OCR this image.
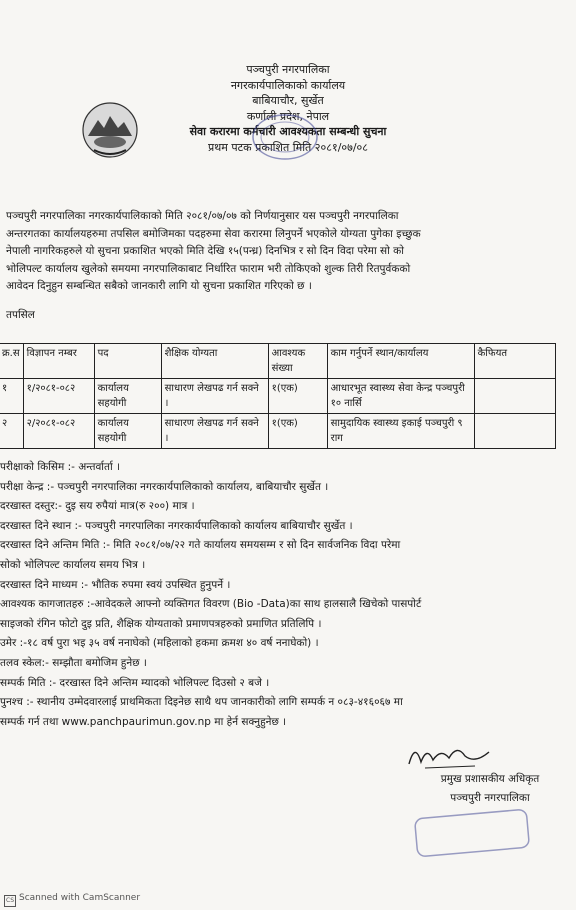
पञ्चपुरी नगरपालिका
नगरकार्यपालिकाको कार्यालय
बाबियाचौर, सुर्खेत
कर्णाली प्रदेश, नेपाल
सेवा करारमा कर्मचारी आवश्यकता सम्बन्धी सुचना
प्रथम पटक प्रकाशित मिति २०८१/०७/०८
पञ्चपुरी नगरपालिका नगरकार्यपालिकाको मिति २०८१/०७/०७ को निर्णयानुसार यस पञ्चपुरी नगरपालिका
अन्तरगतका कार्यालयहरुमा तपसिल बमोजिमका पदहरुमा सेवा करारमा लिनुपर्ने भएकोले योग्यता पुगेका इच्छुक
नेपाली नागरिकहरुले यो सुचना प्रकाशित भएको मिति देखि १५(पन्ध्र) दिनभित्र र सो दिन विदा परेमा सो को
भोलिपल्ट कार्यालय खुलेको समयमा नगरपालिकाबाट निर्धारित फाराम भरी तोकिएको शुल्क तिरी रितपुर्वकको
आवेदन दिनुहुन सम्बन्धित सबैको जानकारी लागि यो सुचना प्रकाशित गरिएको छ ।
तपसिल
क्र.स	विज्ञापन नम्बर	पद	शैक्षिक योग्यता	आवश्यक संख्या	काम गर्नुपर्ने स्थान/कार्यालय	कैफियत
१	१/२०८१-०८२	कार्यालय सहयोगी	साधारण लेखपढ गर्न सक्ने ।	१(एक)	आधारभूत स्वास्थ्य सेवा केन्द्र पञ्चपुरी १० नार्सि	
२	२/२०८१-०८२	कार्यालय सहयोगी	साधारण लेखपढ गर्न सक्ने ।	१(एक)	सामुदायिक स्वास्थ्य इकाई पञ्चपुरी ९ राग	
परीक्षाको किसिम :- अन्तर्वार्ता ।
परीक्षा केन्द्र :- पञ्चपुरी नगरपालिका नगरकार्यपालिकाको कार्यालय, बाबियाचौर सुर्खेत ।
दरखास्त दस्तुर:- दुइ सय रुपैयां मात्र(रु २००) मात्र ।
दरखास्त दिने स्थान :- पञ्चपुरी नगरपालिका नगरकार्यपालिकाको कार्यालय बाबियाचौर सुर्खेत ।
दरखास्त दिने अन्तिम मिति :- मिति २०८१/०७/२२ गते कार्यालय समयसम्म र सो दिन सार्वजनिक विदा परेमा
सोको भोलिपल्ट कार्यालय समय भित्र ।
दरखास्त दिने माध्यम :- भौतिक रुपमा स्वयं उपस्थित हुनुपर्ने ।
आवश्यक कागजातहरु :-आवेदकले आफ्नो व्यक्तिगत विवरण (Bio -Data)का साथ हालसालै खिचेको पासपोर्ट
साइजको रंगिन फोटो दुइ प्रति, शैक्षिक योग्यताको प्रमाणपत्रहरुको प्रमाणित प्रतिलिपि ।
उमेर :-१८ वर्ष पुरा भइ ३५ वर्ष ननाघेको (महिलाको हकमा क्रमश ४० वर्ष ननाघेको) ।
तलव स्केल:- सम्झौता बमोजिम हुनेछ ।
सम्पर्क मिति :- दरखास्त दिने अन्तिम म्यादको भोलिपल्ट दिउसो २ बजे ।
पुनश्च :- स्थानीय उम्मेदवारलाई प्राथमिकता दिइनेछ साथै थप जानकारीको लागि सम्पर्क न ०८३-४१६०६७ मा
सम्पर्क गर्न तथा www.panchpaurimun.gov.np मा हेर्न सक्नुहुनेछ ।
प्रमुख प्रशासकीय अधिकृत
पञ्चपुरी नगरपालिका
CS Scanned with CamScanner
